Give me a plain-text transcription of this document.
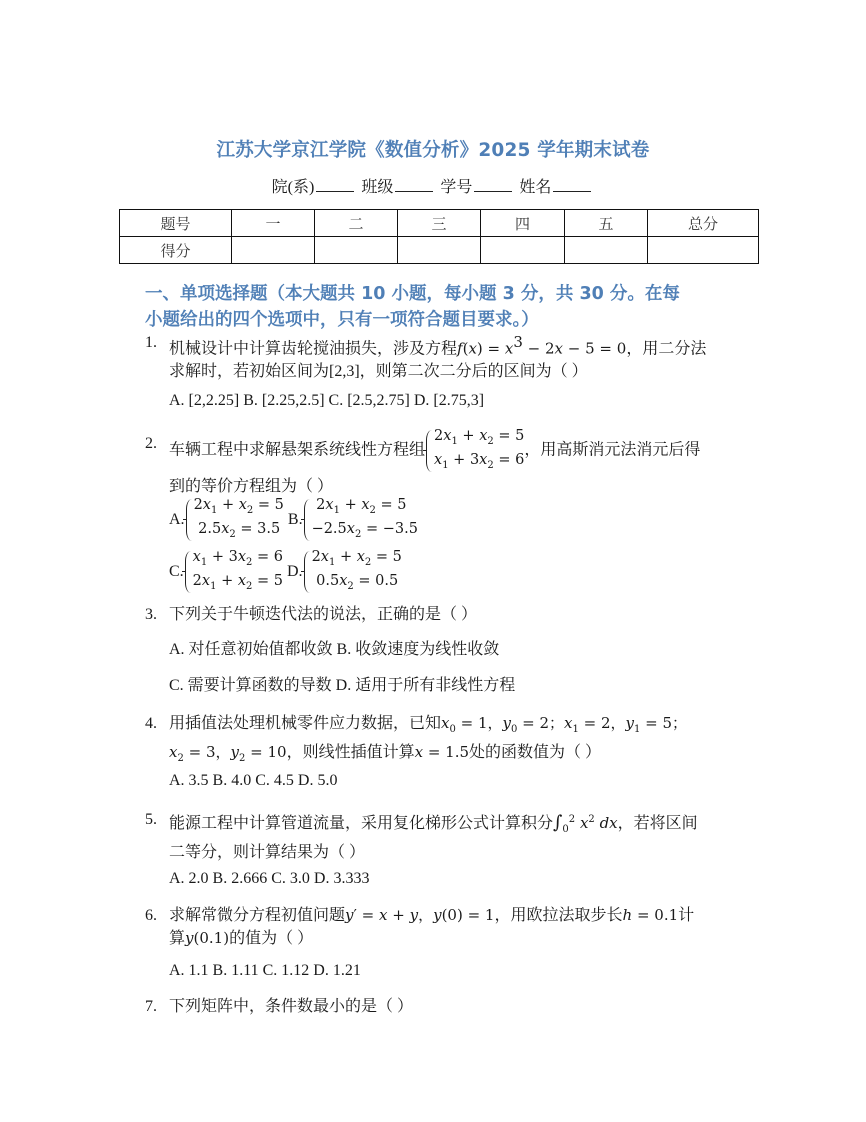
江苏大学京江学院《数值分析》2025 学年期末试卷
院(系)	班级	学号	姓名
题号	一	二	三	四	五	总分
得分						
一、单项选择题（本大题共 10 小题，每小题 3 分，共 30 分。在每
小题给出的四个选项中，只有一项符合题目要求。）
1. 机械设计中计算齿轮搅油损失，涉及方程$f(x) = x^3 - 2x - 5 = 0$，用二分法
求解时，若初始区间为[2,3]，则第二次二分后的区间为（ ）
A. [2,2.25] B. [2.25,2.5] C. [2.5,2.75] D. [2.75,3]
2. 车辆工程中求解悬架系统线性方程组
$2x_1 + x_2 = 5$
$x_1 + 3x_2 = 6$
，用高斯消元法消元后得
到的等价方程组为（ ）
A.
$2x_1 + x_2 = 5$
$2.5x_2 = 3.5$
B.
$2x_1 + x_2 = 5$
$-2.5x_2 = -3.5$
C.
$x_1 + 3x_2 = 6$
$2x_1 + x_2 = 5$
D.
$2x_1 + x_2 = 5$
$0.5x_2 = 0.5$
3. 下列关于牛顿迭代法的说法，正确的是（ ）
A. 对任意初始值都收敛 B. 收敛速度为线性收敛
C. 需要计算函数的导数 D. 适用于所有非线性方程
4. 用插值法处理机械零件应力数据，已知$x_0 = 1$，$y_0 = 2$；$x_1 = 2$，$y_1 = 5$；
$x_2 = 3$，$y_2 = 10$，则线性插值计算x = 1.5处的函数值为（ ）
A. 3.5 B. 4.0 C. 4.5 D. 5.0
5. 能源工程中计算管道流量，采用复化梯形公式计算积分$\int_0^2$ $x^2$ dx，若将区间
二等分，则计算结果为（ ）
A. 2.0 B. 2.666 C. 3.0 D. 3.333
6. 求解常微分方程初值问题y′ = x + y，y(0) = 1，用欧拉法取步长h = 0.1计
算y(0.1)的值为（ ）
A. 1.1 B. 1.11 C. 1.12 D. 1.21
7. 下列矩阵中，条件数最小的是（ ）
